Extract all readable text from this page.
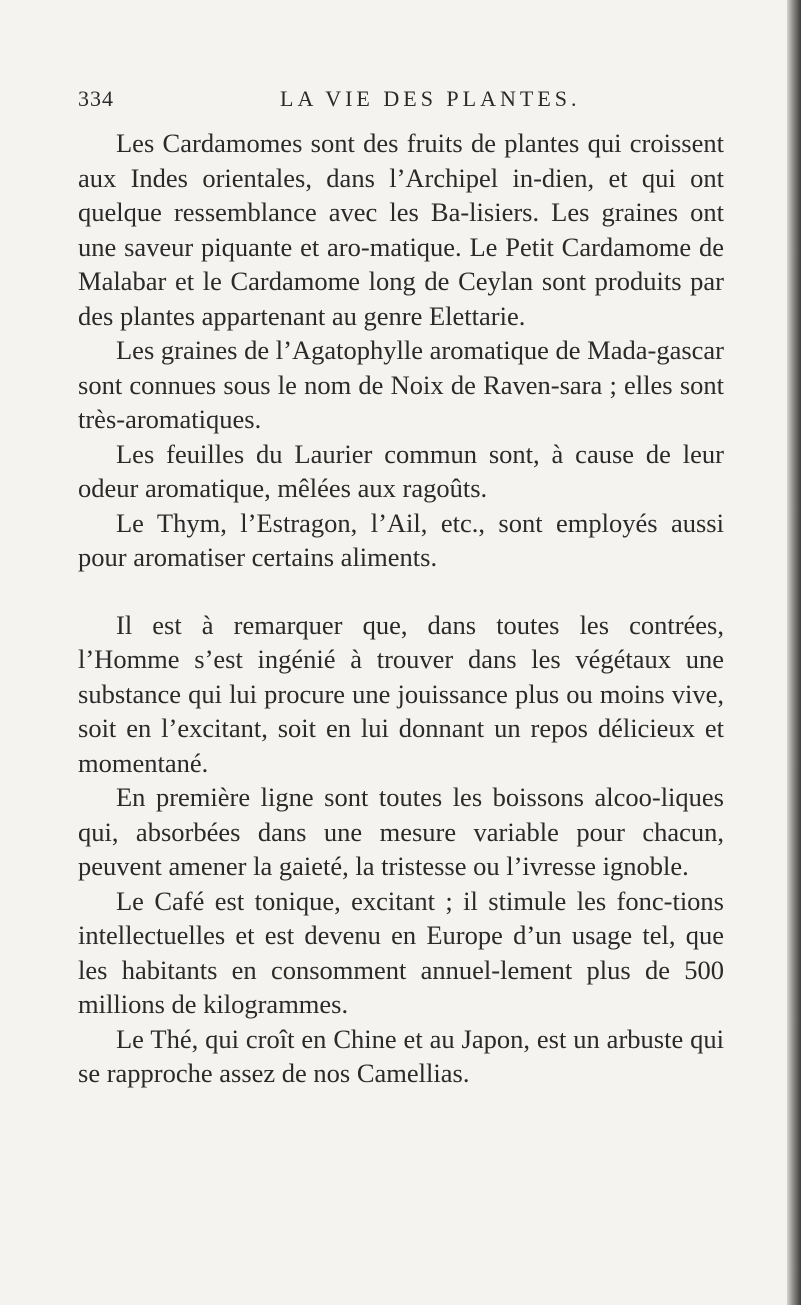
334	LA VIE DES PLANTES.

Les Cardamomes sont des fruits de plantes qui croissent aux Indes orientales, dans l’Archipel in-dien, et qui ont quelque ressemblance avec les Ba-lisiers. Les graines ont une saveur piquante et aro-matique. Le Petit Cardamome de Malabar et le Cardamome long de Ceylan sont produits par des plantes appartenant au genre Elettarie.

Les graines de l’Agatophylle aromatique de Mada-gascar sont connues sous le nom de Noix de Raven-sara ; elles sont très-aromatiques.

Les feuilles du Laurier commun sont, à cause de leur odeur aromatique, mêlées aux ragoûts.

Le Thym, l’Estragon, l’Ail, etc., sont employés aussi pour aromatiser certains aliments.

Il est à remarquer que, dans toutes les contrées, l’Homme s’est ingénié à trouver dans les végétaux une substance qui lui procure une jouissance plus ou moins vive, soit en l’excitant, soit en lui donnant un repos délicieux et momentané.

En première ligne sont toutes les boissons alcoo-liques qui, absorbées dans une mesure variable pour chacun, peuvent amener la gaieté, la tristesse ou l’ivresse ignoble.

Le Café est tonique, excitant ; il stimule les fonc-tions intellectuelles et est devenu en Europe d’un usage tel, que les habitants en consomment annuel-lement plus de 500 millions de kilogrammes.

Le Thé, qui croît en Chine et au Japon, est un arbuste qui se rapproche assez de nos Camellias.
